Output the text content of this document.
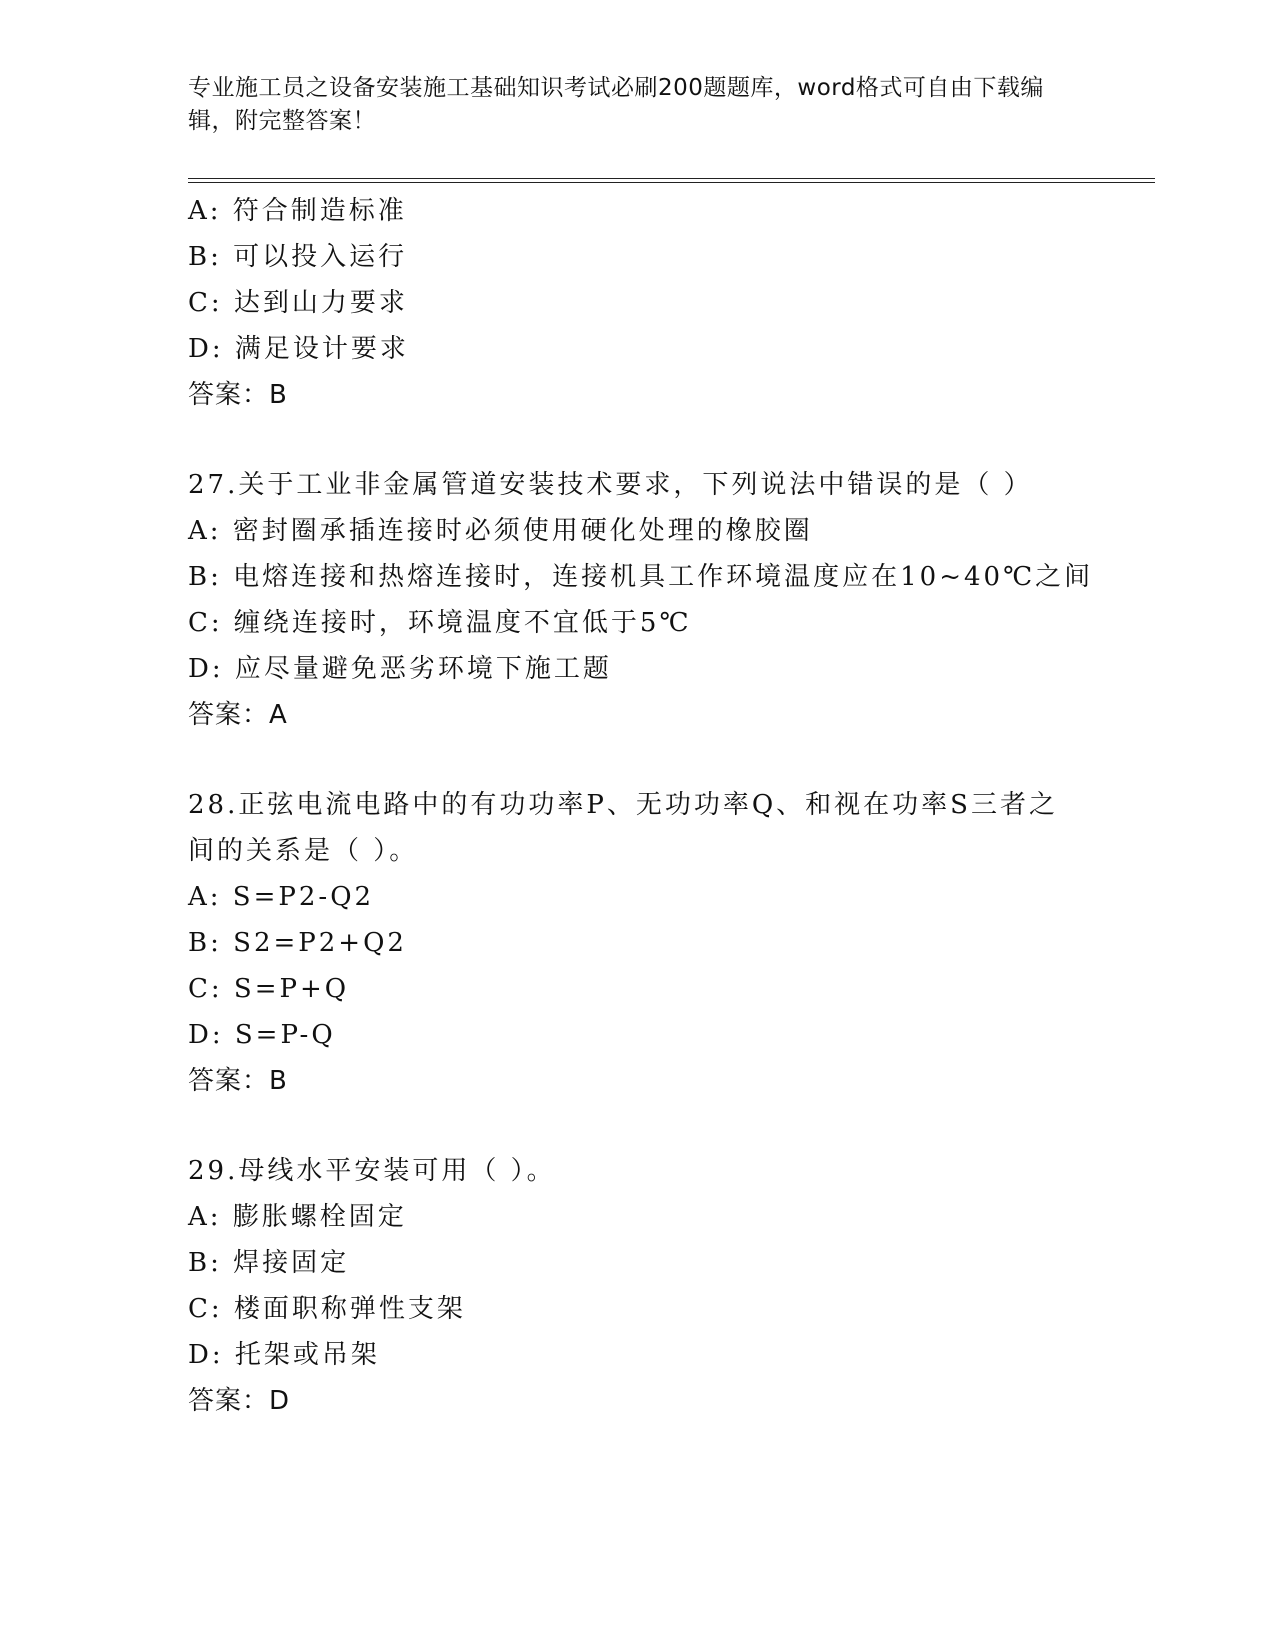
专业施工员之设备安装施工基础知识考试必刷200题题库，word格式可自由下载编辑，附完整答案！
A: 符合制造标准
B: 可以投入运行
C: 达到山力要求
D: 满足设计要求
答案：B
27.关于工业非金属管道安装技术要求，下列说法中错误的是（ ）
A: 密封圈承插连接时必须使用硬化处理的橡胶圈
B: 电熔连接和热熔连接时，连接机具工作环境温度应在10~40℃之间
C: 缠绕连接时，环境温度不宜低于5℃
D: 应尽量避免恶劣环境下施工题
答案：A
28.正弦电流电路中的有功功率P、无功功率Q、和视在功率S三者之
间的关系是（ ）。
A: S=P2-Q2
B: S2=P2+Q2
C: S=P+Q
D: S=P-Q
答案：B
29.母线水平安装可用（ ）。
A: 膨胀螺栓固定
B: 焊接固定
C: 楼面职称弹性支架
D: 托架或吊架
答案：D
